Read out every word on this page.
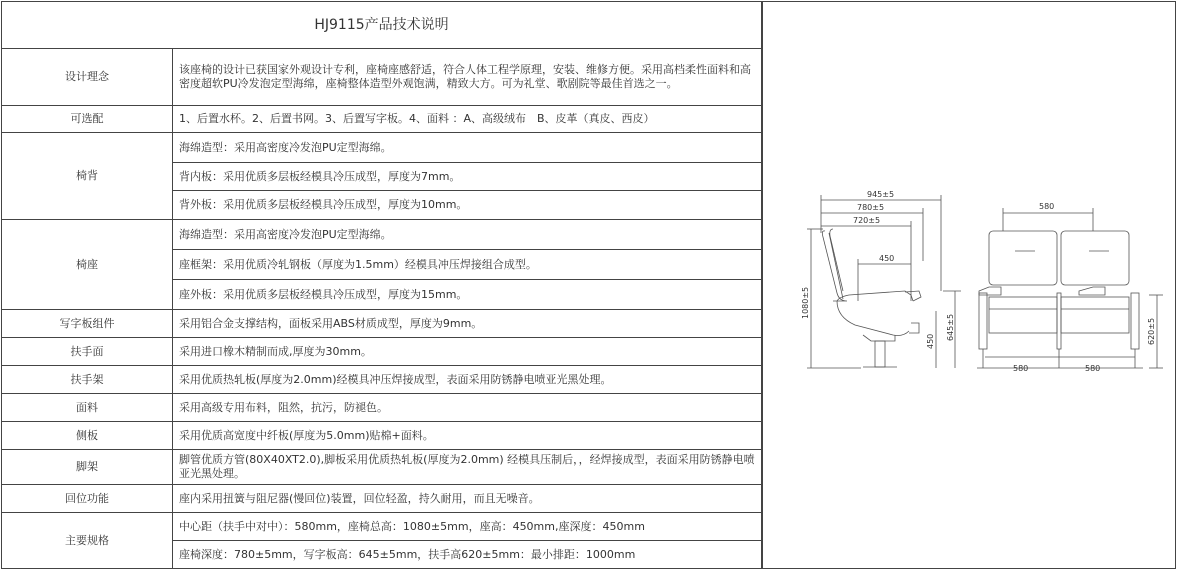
HJ9115产品技术说明	
设计理念	该座椅的设计已获国家外观设计专利，座椅座感舒适，符合人体工程学原理，安装、维修方便。采用高档柔性面料和高密度超软PU冷发泡定型海绵，座椅整体造型外观饱满，精致大方。可为礼堂、歌剧院等最佳首选之一。
可选配	1、后置水杯。2、后置书网。3、后置写字板。4、面料 ：A、高级绒布　B、皮革（真皮、西皮）
椅背	海绵造型：采用高密度冷发泡PU定型海绵。
	背内板：采用优质多层板经模具冷压成型，厚度为7mm。
	背外板：采用优质多层板经模具冷压成型，厚度为10mm。
椅座	海绵造型：采用高密度冷发泡PU定型海绵。
	座框架：采用优质冷轧钢板（厚度为1.5mm）经模具冲压焊接组合成型。
	座外板：采用优质多层板经模具冷压成型，厚度为15mm。
写字板组件	采用铝合金支撑结构，面板采用ABS材质成型，厚度为9mm。
扶手面	采用进口橡木精制而成,厚度为30mm。
扶手架	采用优质热轧板(厚度为2.0mm)经模具冲压焊接成型，表面采用防锈静电喷亚光黑处理。
面料	采用高级专用布料，阻然，抗污，防褪色。
侧板	采用优质高宽度中纤板(厚度为5.0mm)贴棉+面料。
脚架	脚管优质方管(80X40XT2.0),脚板采用优质热轧板(厚度为2.0mm) 经模具压制后，，经焊接成型，表面采用防锈静电喷亚光黑处理。
回位功能	座内采用扭簧与阻尼器(慢回位)装置，回位轻盈，持久耐用，而且无噪音。
主要规格	中心距（扶手中对中）：580mm，座椅总高：1080±5mm，座高：450mm,座深度：450mm
	座椅深度：780±5mm，写字板高：645±5mm，扶手高620±5mm：最小排距：1000mm
945±5
780±5
720±5
450
1080±5
645±5
450
580
580	580
620±5
